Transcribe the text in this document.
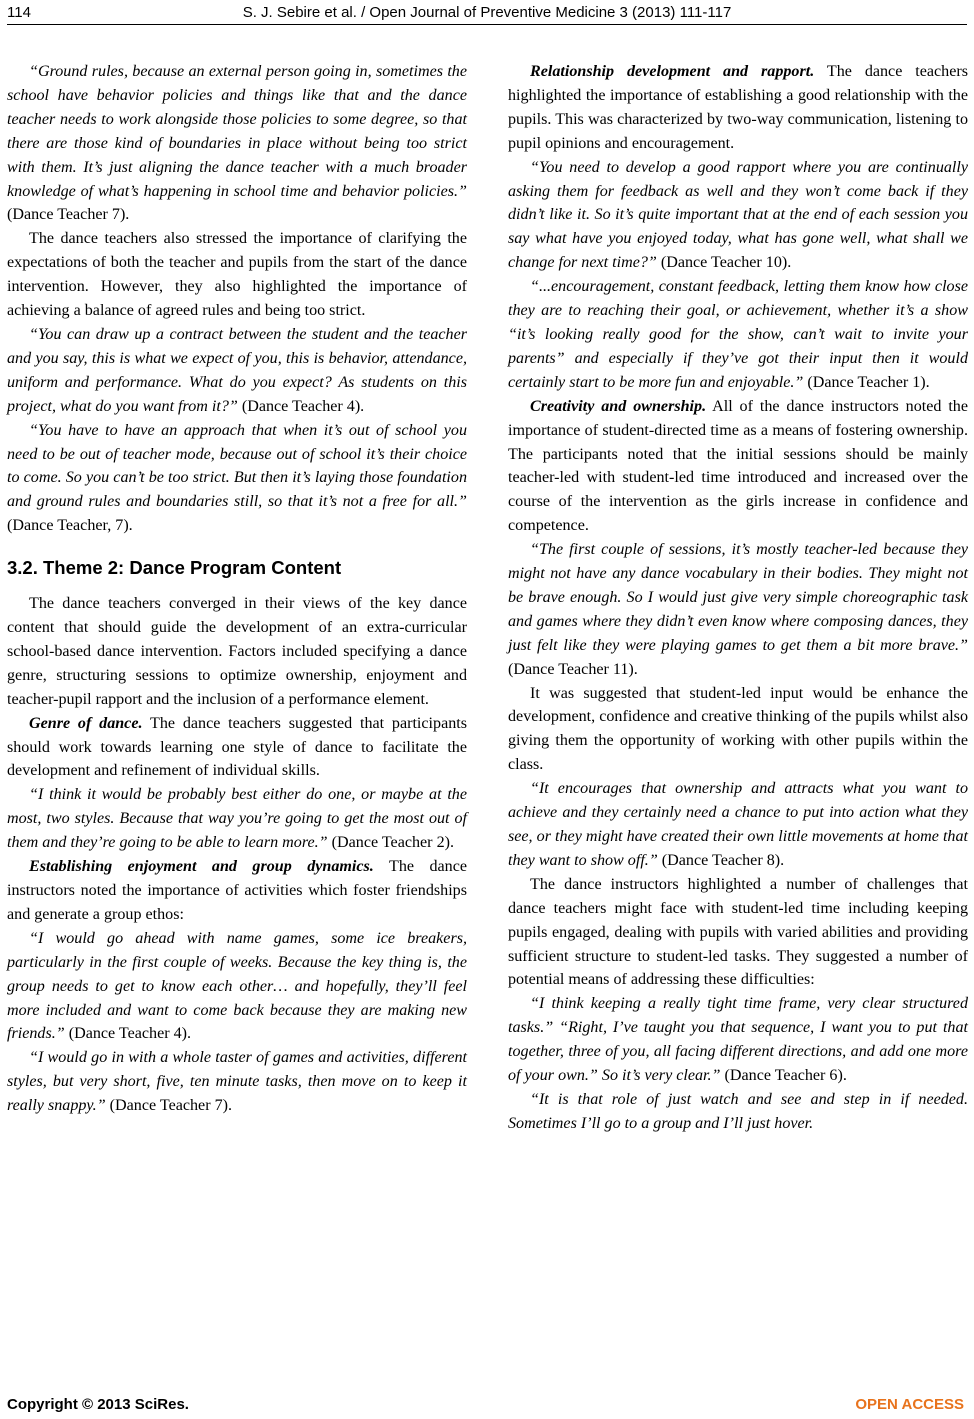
114	S. J. Sebire et al. / Open Journal of Preventive Medicine 3 (2013) 111-117

“Ground rules, because an external person going in, sometimes the school have behavior policies and things like that and the dance teacher needs to work alongside those policies to some degree, so that there are those kind of boundaries in place without being too strict with them. It’s just aligning the dance teacher with a much broader knowledge of what’s happening in school time and behavior policies.” (Dance Teacher 7).

The dance teachers also stressed the importance of clarifying the expectations of both the teacher and pupils from the start of the dance intervention. However, they also highlighted the importance of achieving a balance of agreed rules and being too strict.

“You can draw up a contract between the student and the teacher and you say, this is what we expect of you, this is behavior, attendance, uniform and performance. What do you expect? As students on this project, what do you want from it?” (Dance Teacher 4).

“You have to have an approach that when it’s out of school you need to be out of teacher mode, because out of school it’s their choice to come. So you can’t be too strict. But then it’s laying those foundation and ground rules and boundaries still, so that it’s not a free for all.” (Dance Teacher, 7).

3.2. Theme 2: Dance Program Content

The dance teachers converged in their views of the key dance content that should guide the development of an extra-curricular school-based dance intervention. Factors included specifying a dance genre, structuring sessions to optimize ownership, enjoyment and teacher-pupil rapport and the inclusion of a performance element.

Genre of dance. The dance teachers suggested that participants should work towards learning one style of dance to facilitate the development and refinement of individual skills.

“I think it would be probably best either do one, or maybe at the most, two styles. Because that way you’re going to get the most out of them and they’re going to be able to learn more.” (Dance Teacher 2).

Establishing enjoyment and group dynamics. The dance instructors noted the importance of activities which foster friendships and generate a group ethos:

“I would go ahead with name games, some ice breakers, particularly in the first couple of weeks. Because the key thing is, the group needs to get to know each other… and hopefully, they’ll feel more included and want to come back because they are making new friends.” (Dance Teacher 4).

“I would go in with a whole taster of games and activities, different styles, but very short, five, ten minute tasks, then move on to keep it really snappy.” (Dance Teacher 7).

Relationship development and rapport. The dance teachers highlighted the importance of establishing a good relationship with the pupils. This was characterized by two-way communication, listening to pupil opinions and encouragement.

“You need to develop a good rapport where you are continually asking them for feedback as well and they won’t come back if they didn’t like it. So it’s quite important that at the end of each session you say what have you enjoyed today, what has gone well, what shall we change for next time?” (Dance Teacher 10).

“...encouragement, constant feedback, letting them know how close they are to reaching their goal, or achievement, whether it’s a show “it’s looking really good for the show, can’t wait to invite your parents” and especially if they’ve got their input then it would certainly start to be more fun and enjoyable.” (Dance Teacher 1).

Creativity and ownership. All of the dance instructors noted the importance of student-directed time as a means of fostering ownership. The participants noted that the initial sessions should be mainly teacher-led with student-led time introduced and increased over the course of the intervention as the girls increase in confidence and competence.

“The first couple of sessions, it’s mostly teacher-led because they might not have any dance vocabulary in their bodies. They might not be brave enough. So I would just give very simple choreographic task and games where they didn’t even know where composing dances, they just felt like they were playing games to get them a bit more brave.” (Dance Teacher 11).

It was suggested that student-led input would be enhance the development, confidence and creative thinking of the pupils whilst also giving them the opportunity of working with other pupils within the class.

“It encourages that ownership and attracts what you want to achieve and they certainly need a chance to put into action what they see, or they might have created their own little movements at home that they want to show off.” (Dance Teacher 8).

The dance instructors highlighted a number of challenges that dance teachers might face with student-led time including keeping pupils engaged, dealing with pupils with varied abilities and providing sufficient structure to student-led tasks. They suggested a number of potential means of addressing these difficulties:

“I think keeping a really tight time frame, very clear structured tasks.” “Right, I’ve taught you that sequence, I want you to put that together, three of you, all facing different directions, and add one more of your own.” So it’s very clear.” (Dance Teacher 6).

“It is that role of just watch and see and step in if needed. Sometimes I’ll go to a group and I’ll just hover.

Copyright © 2013 SciRes.	OPEN ACCESS
